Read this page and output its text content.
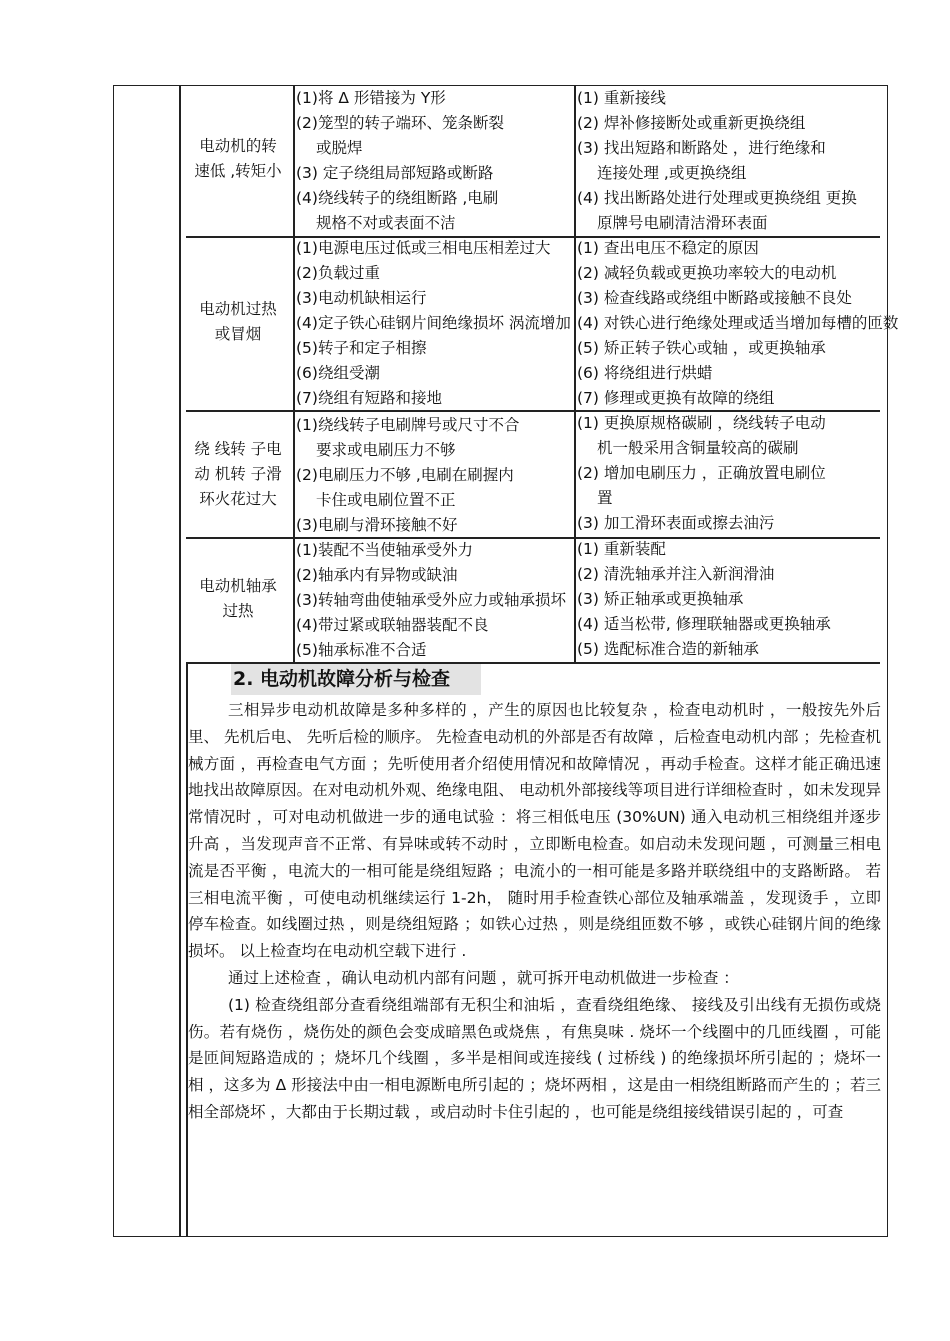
电动机的转
速低 ,转矩小
(1)将 Δ 形错接为 Y形
(2)笼型的转子端环、笼条断裂
或脱焊
(3) 定子绕组局部短路或断路
(4)绕线转子的绕组断路 ,电刷
规格不对或表面不洁
(1) 重新接线
(2) 焊补修接断处或重新更换绕组
(3) 找出短路和断路处 ，进行绝缘和
连接处理 ,或更换绕组
(4) 找出断路处进行处理或更换绕组 更换
原牌号电刷清洁滑环表面
电动机过热
或冒烟
(1)电源电压过低或三相电压相差过大
(2)负载过重
(3)电动机缺相运行
(4)定子铁心硅钢片间绝缘损坏 涡流增加
(5)转子和定子相擦
(6)绕组受潮
(7)绕组有短路和接地
(1) 查出电压不稳定的原因
(2) 减轻负载或更换功率较大的电动机
(3) 检查线路或绕组中断路或接触不良处
(4) 对铁心进行绝缘处理或适当增加每槽的匝数
(5) 矫正转子铁心或轴 ，或更换轴承
(6) 将绕组进行烘蜡
(7) 修理或更换有故障的绕组
绕 线转 子电
动 机转 子滑
环火花过大
(1)绕线转子电刷牌号或尺寸不合
要求或电刷压力不够
(2)电刷压力不够 ,电刷在刷握内
卡住或电刷位置不正
(3)电刷与滑环接触不好
(1) 更换原规格碳刷 ，绕线转子电动
机一般采用含铜量较高的碳刷
(2) 增加电刷压力 ，正确放置电刷位
置
(3) 加工滑环表面或擦去油污
电动机轴承
过热
(1)装配不当使轴承受外力
(2)轴承内有异物或缺油
(3)转轴弯曲使轴承受外应力或轴承损坏
(4)带过紧或联轴器装配不良
(5)轴承标准不合适
(1) 重新装配
(2) 清洗轴承并注入新润滑油
(3) 矫正轴承或更换轴承
(4) 适当松带, 修理联轴器或更换轴承
(5) 选配标准合造的新轴承
2. 电动机故障分析与检查

三相异步电动机故障是多种多样的 ，产生的原因也比较复杂 ，检查电动机时 ，一般按先外后里、 先机后电、 先听后检的顺序。 先检查电动机的外部是否有故障 ，后检查电动机内部 ；先检查机械方面 ，再检查电气方面 ；先听使用者介绍使用情况和故障情况 ，再动手检查。这样才能正确迅速地找出故障原因。在对电动机外观、绝缘电阻、 电动机外部接线等项目进行详细检查时 ，如未发现异常情况时 ，可对电动机做进一步的通电试验 ：将三相低电压 (30%UN) 通入电动机三相绕组并逐步升高 ，当发现声音不正常、有异味或转不动时 ，立即断电检查。如启动未发现问题 ，可测量三相电流是否平衡 ，电流大的一相可能是绕组短路 ；电流小的一相可能是多路并联绕组中的支路断路。 若三相电流平衡 ，可使电动机继续运行 1-2h， 随时用手检查铁心部位及轴承端盖 ，发现烫手 ，立即停车检查。如线圈过热 ，则是绕组短路 ；如铁心过热 ，则是绕组匝数不够 ，或铁心硅钢片间的绝缘损坏。 以上检查均在电动机空载下进行 .

通过上述检查 ，确认电动机内部有问题 ，就可拆开电动机做进一步检查 ：

(1) 检查绕组部分查看绕组端部有无积尘和油垢 ，查看绕组绝缘、 接线及引出线有无损伤或烧伤。若有烧伤 ，烧伤处的颜色会变成暗黑色或烧焦 ，有焦臭味 . 烧坏一个线圈中的几匝线圈 ，可能是匝间短路造成的 ；烧坏几个线圈 ，多半是相间或连接线 ( 过桥线 ) 的绝缘损坏所引起的 ；烧坏一相 ，这多为 Δ 形接法中由一相电源断电所引起的 ；烧坏两相 ，这是由一相绕组断路而产生的 ；若三相全部烧坏 ，大都由于长期过载 ，或启动时卡住引起的 ，也可能是绕组接线错误引起的 ，可查
